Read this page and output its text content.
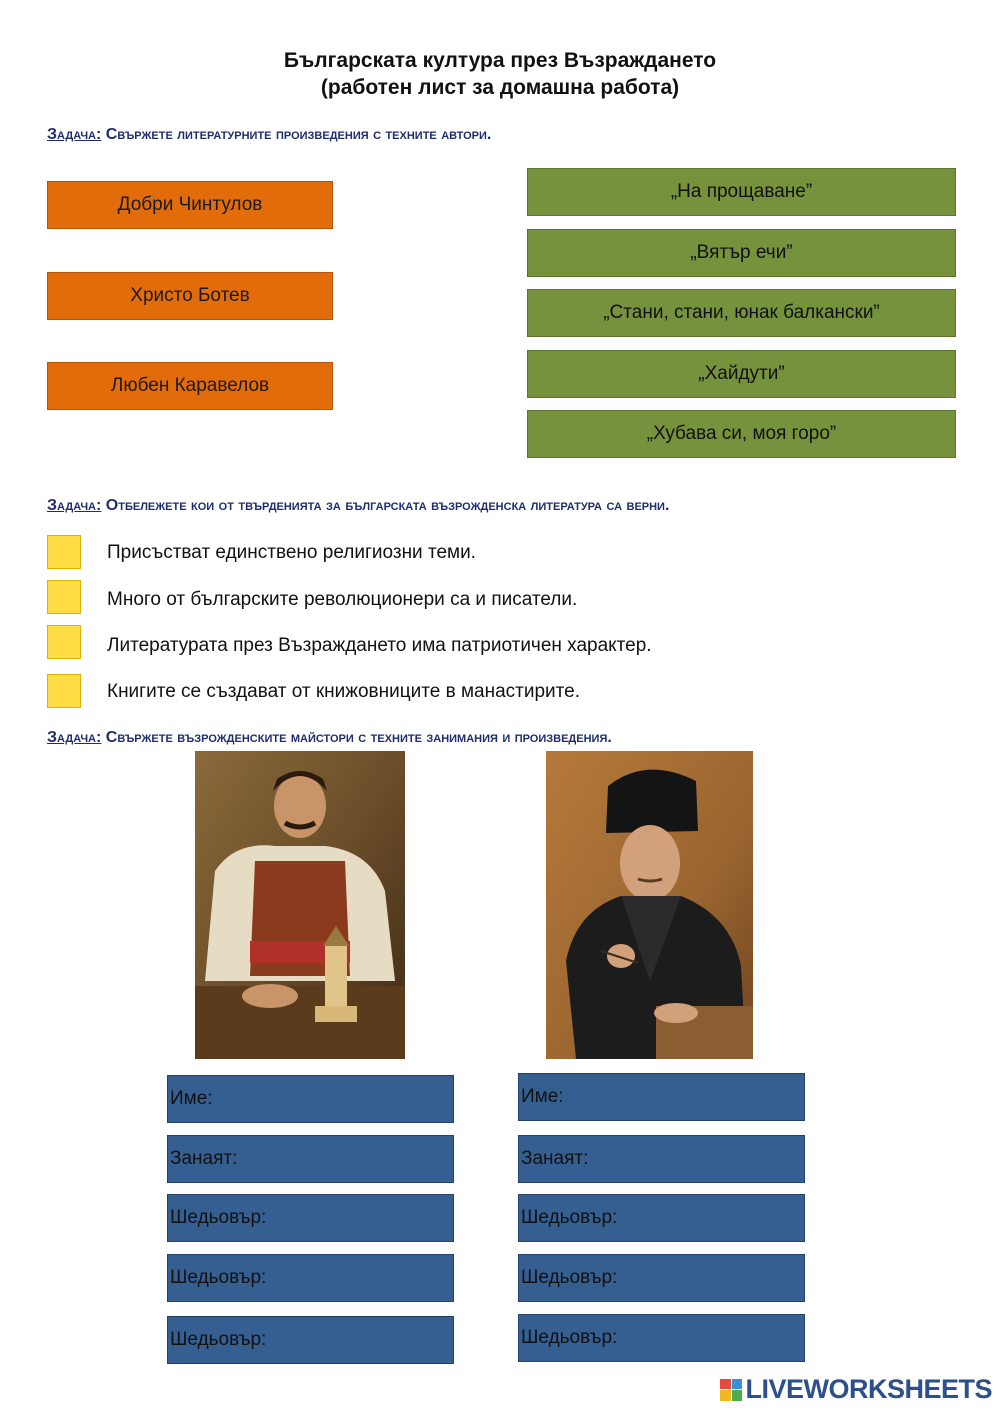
Българската култура през Възраждането
(работен лист за домашна работа)
Задача: Свържете литературните произведения с техните автори.
Добри Чинтулов
Христо Ботев
Любен Каравелов
„На прощаване”
„Вятър ечи”
„Стани, стани, юнак балкански”
„Хайдути”
„Хубава си, моя горо”
Задача: Отбележете кои от твърденията за българската възрожденска литература са верни.
Присъстват единствено религиозни теми.
Много от българските революционери са и писатели.
Литературата през Възраждането има патриотичен характер.
Книгите се създават от книжовниците в манастирите.
Задача: Свържете възрожденските майстори с техните занимания и произведения.
Име:
Занаят:
Шедьовър:
Шедьовър:
Шедьовър:
Име:
Занаят:
Шедьовър:
Шедьовър:
Шедьовър:
LIVEWORKSHEETS
